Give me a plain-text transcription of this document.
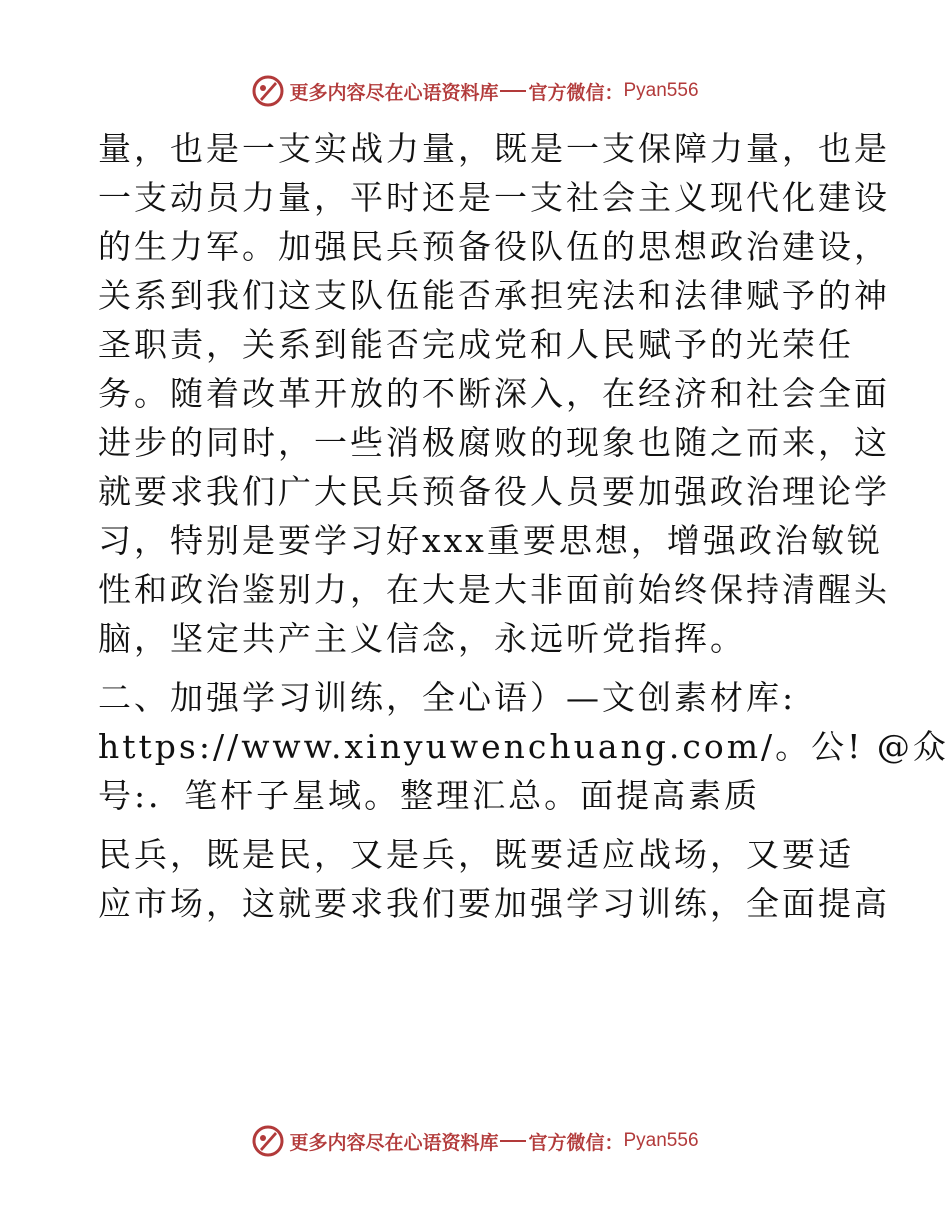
更多内容尽在心语资料库 官方微信： Pyan556
量，也是一支实战力量，既是一支保障力量，也是
一支动员力量，平时还是一支社会主义现代化建设
的生力军。加强民兵预备役队伍的思想政治建设，
关系到我们这支队伍能否承担宪法和法律赋予的神
圣职责，关系到能否完成党和人民赋予的光荣任
务。随着改革开放的不断深入，在经济和社会全面
进步的同时，一些消极腐败的现象也随之而来，这
就要求我们广大民兵预备役人员要加强政治理论学
习，特别是要学习好xxx重要思想，增强政治敏锐
性和政治鉴别力，在大是大非面前始终保持清醒头
脑，坚定共产主义信念，永远听党指挥。
二、加强学习训练，全心语）—文创素材库:
https://www.xinyuwenchuang.com/。公! @众
号:．笔杆子星域。整理汇总。面提高素质
民兵，既是民，又是兵，既要适应战场，又要适
应市场，这就要求我们要加强学习训练，全面提高
更多内容尽在心语资料库 官方微信： Pyan556
